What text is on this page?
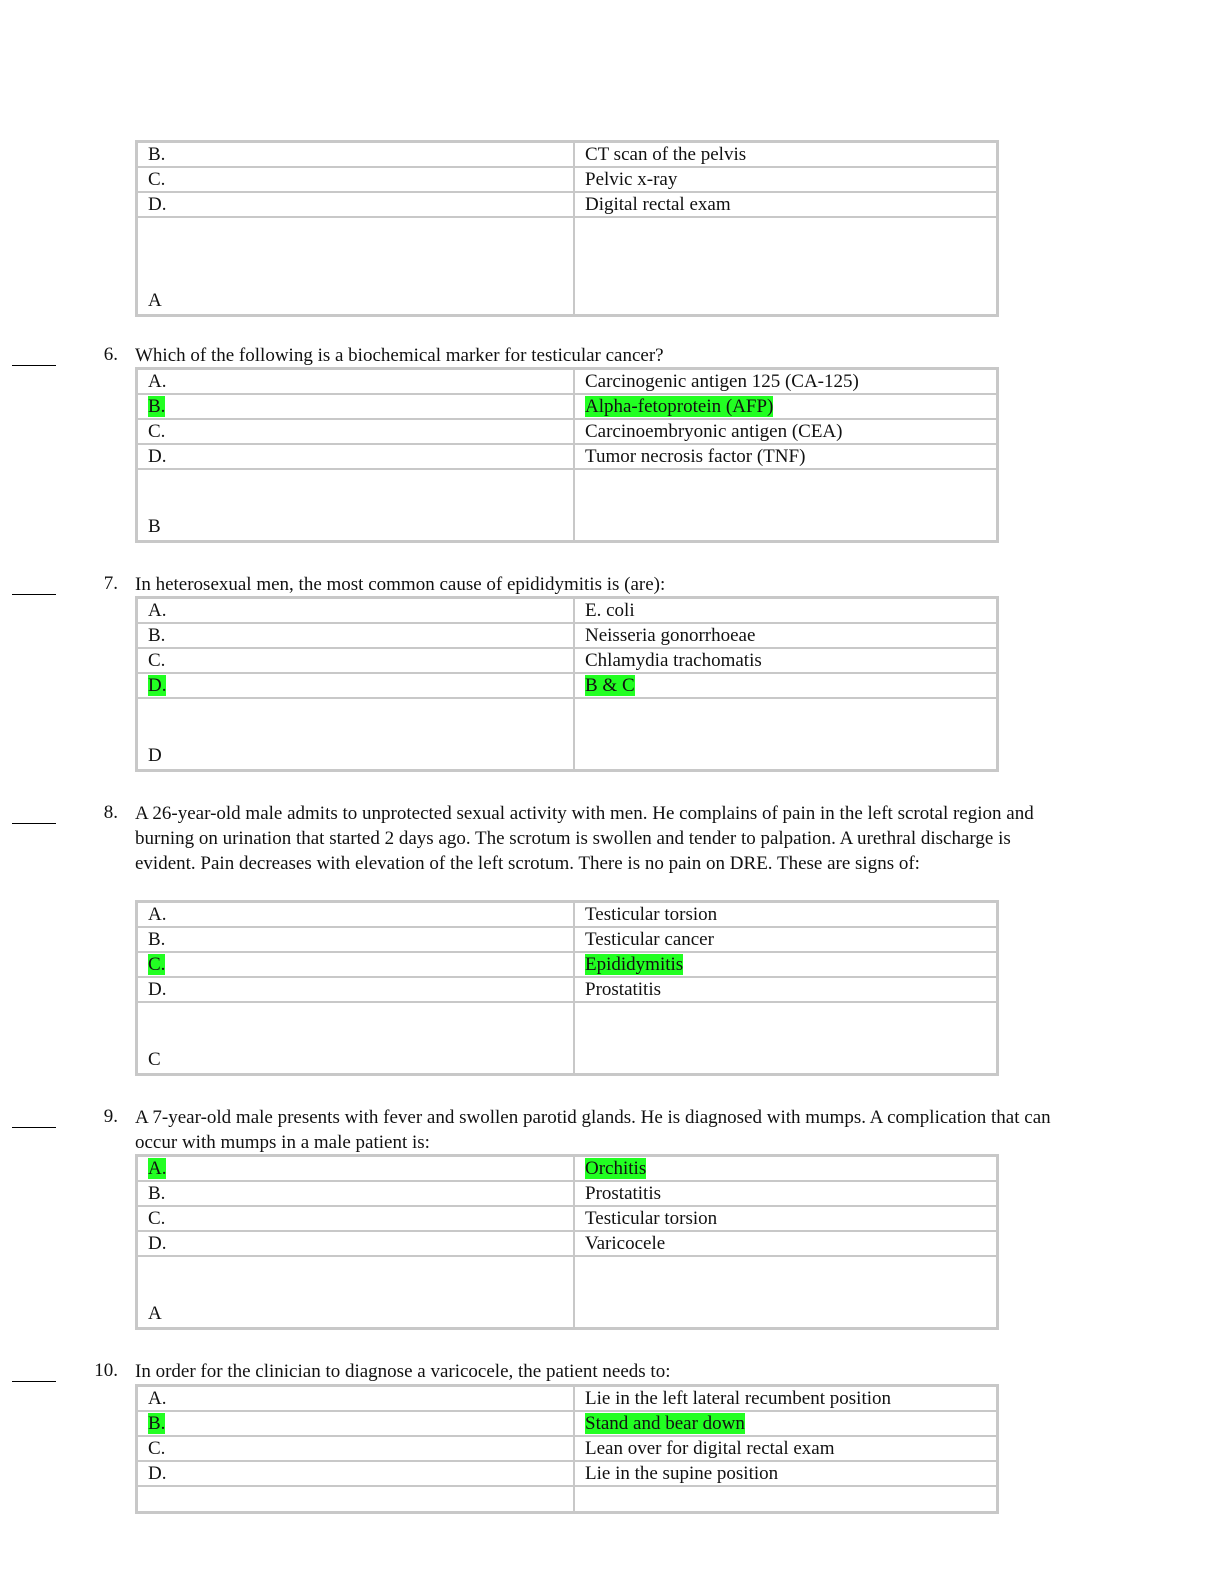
B.	CT scan of the pelvis
C.	Pelvic x-ray
D.	Digital rectal exam
A	
6. Which of the following is a biochemical marker for testicular cancer?
A.	Carcinogenic antigen 125 (CA-125)
B.	Alpha-fetoprotein (AFP)
C.	Carcinoembryonic antigen (CEA)
D.	Tumor necrosis factor (TNF)
B	
7. In heterosexual men, the most common cause of epididymitis is (are):
A.	E. coli
B.	Neisseria gonorrhoeae
C.	Chlamydia trachomatis
D.	B & C
D	
8. A 26-year-old male admits to unprotected sexual activity with men. He complains of pain in the left scrotal region and burning on urination that started 2 days ago. The scrotum is swollen and tender to palpation. A urethral discharge is evident. Pain decreases with elevation of the left scrotum. There is no pain on DRE. These are signs of:
A.	Testicular torsion
B.	Testicular cancer
C.	Epididymitis
D.	Prostatitis
C	
9. A 7-year-old male presents with fever and swollen parotid glands. He is diagnosed with mumps. A complication that can occur with mumps in a male patient is:
A.	Orchitis
B.	Prostatitis
C.	Testicular torsion
D.	Varicocele
A	
10. In order for the clinician to diagnose a varicocele, the patient needs to:
A.	Lie in the left lateral recumbent position
B.	Stand and bear down
C.	Lean over for digital rectal exam
D.	Lie in the supine position
